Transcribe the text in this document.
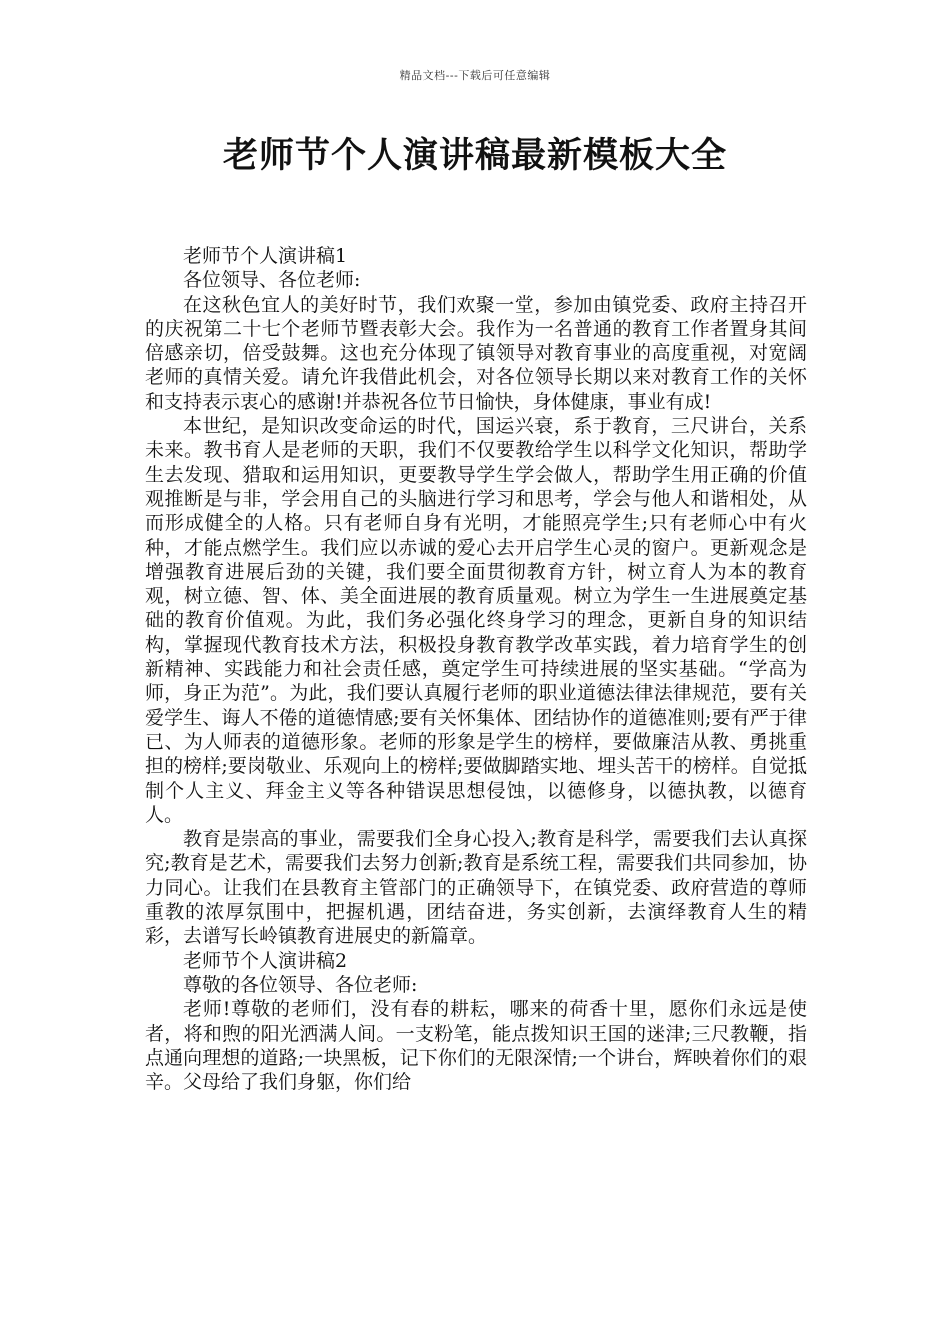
精品文档---下载后可任意编辑
老师节个人演讲稿最新模板大全

老师节个人演讲稿1

各位领导、各位老师:

在这秋色宜人的美好时节，我们欢聚一堂，参加由镇党委、政府主持召开的庆祝第二十七个老师节暨表彰大会。我作为一名普通的教育工作者置身其间倍感亲切，倍受鼓舞。这也充分体现了镇领导对教育事业的高度重视，对宽阔老师的真情关爱。请允许我借此机会，对各位领导长期以来对教育工作的关怀和支持表示衷心的感谢!并恭祝各位节日愉快，身体健康，事业有成!

本世纪，是知识改变命运的时代，国运兴衰，系于教育，三尺讲台，关系未来。教书育人是老师的天职，我们不仅要教给学生以科学文化知识，帮助学生去发现、猎取和运用知识，更要教导学生学会做人，帮助学生用正确的价值观推断是与非，学会用自己的头脑进行学习和思考，学会与他人和谐相处，从而形成健全的人格。只有老师自身有光明，才能照亮学生;只有老师心中有火种，才能点燃学生。我们应以赤诚的爱心去开启学生心灵的窗户。更新观念是增强教育进展后劲的关键，我们要全面贯彻教育方针，树立育人为本的教育观，树立德、智、体、美全面进展的教育质量观。树立为学生一生进展奠定基础的教育价值观。为此，我们务必强化终身学习的理念，更新自身的知识结构，掌握现代教育技术方法，积极投身教育教学改革实践，着力培育学生的创新精神、实践能力和社会责任感，奠定学生可持续进展的坚实基础。“学高为师，身正为范”。为此，我们要认真履行老师的职业道德法律法律规范，要有关爱学生、诲人不倦的道德情感;要有关怀集体、团结协作的道德准则;要有严于律已、为人师表的道德形象。老师的形象是学生的榜样，要做廉洁从教、勇挑重担的榜样;要岗敬业、乐观向上的榜样;要做脚踏实地、埋头苦干的榜样。自觉抵制个人主义、拜金主义等各种错误思想侵蚀，以德修身，以德执教，以德育人。

教育是崇高的事业，需要我们全身心投入;教育是科学，需要我们去认真探究;教育是艺术，需要我们去努力创新;教育是系统工程，需要我们共同参加，协力同心。让我们在县教育主管部门的正确领导下，在镇党委、政府营造的尊师重教的浓厚氛围中，把握机遇，团结奋进，务实创新，去演绎教育人生的精彩，去谱写长岭镇教育进展史的新篇章。

老师节个人演讲稿2

尊敬的各位领导、各位老师:

老师!尊敬的老师们，没有春的耕耘，哪来的荷香十里，愿你们永远是使者，将和煦的阳光洒满人间。一支粉笔，能点拨知识王国的迷津;三尺教鞭，指点通向理想的道路;一块黑板，记下你们的无限深情;一个讲台，辉映着你们的艰辛。父母给了我们身躯，你们给
